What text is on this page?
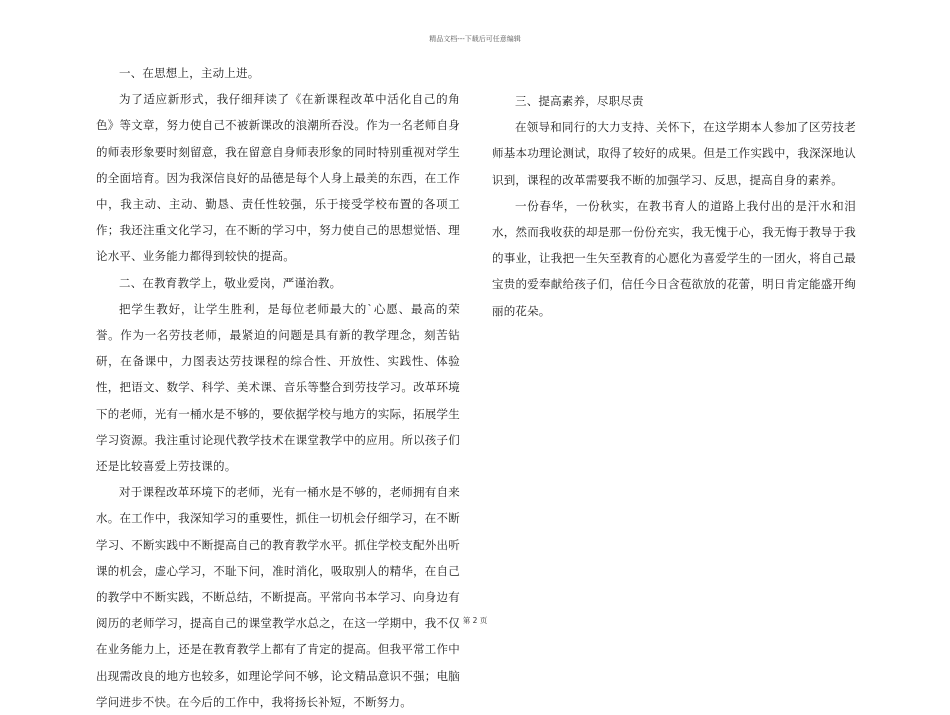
精品文档---下载后可任意编辑

一、在思想上，主动上进。

为了适应新形式，我仔细拜读了《在新课程改革中活化自己的角色》等文章，努力使自己不被新课改的浪潮所吞没。作为一名老师自身的师表形象要时刻留意，我在留意自身师表形象的同时特别重视对学生的全面培育。因为我深信良好的品德是每个人身上最美的东西，在工作中，我主动、主动、勤恳、责任性较强，乐于接受学校布置的各项工作；我还注重文化学习，在不断的学习中，努力使自己的思想觉悟、理论水平、业务能力都得到较快的提高。

二、在教育教学上，敬业爱岗，严谨治教。

把学生教好，让学生胜利，是每位老师最大的`心愿、最高的荣誉。作为一名劳技老师，最紧迫的问题是具有新的教学理念，刻苦钻研，在备课中，力图表达劳技课程的综合性、开放性、实践性、体验性，把语文、数学、科学、美术课、音乐等整合到劳技学习。改革环境下的老师，光有一桶水是不够的，要依据学校与地方的实际，拓展学生学习资源。我注重讨论现代教学技术在课堂教学中的应用。所以孩子们还是比较喜爱上劳技课的。

对于课程改革环境下的老师，光有一桶水是不够的，老师拥有自来水。在工作中，我深知学习的重要性，抓住一切机会仔细学习，在不断学习、不断实践中不断提高自己的教育教学水平。抓住学校支配外出听课的机会，虚心学习，不耻下问，准时消化，吸取别人的精华，在自己的教学中不断实践，不断总结，不断提高。平常向书本学习、向身边有阅历的老师学习，提高自己的课堂教学水总之，在这一学期中，我不仅在业务能力上，还是在教育教学上都有了肯定的提高。但我平常工作中出现需改良的地方也较多，如理论学问不够，论文精品意识不强；电脑学问进步不快。在今后的工作中，我将扬长补短，不断努力。

三、提高素养，尽职尽责

在领导和同行的大力支持、关怀下，在这学期本人参加了区劳技老师基本功理论测试，取得了较好的成果。但是工作实践中，我深深地认识到，课程的改革需要我不断的加强学习、反思，提高自身的素养。

一份春华，一份秋实，在教书育人的道路上我付出的是汗水和泪水，然而我收获的却是那一份份充实，我无愧于心，我无悔于教导于我的事业，让我把一生矢至教育的心愿化为喜爱学生的一团火，将自己最宝贵的爱奉献给孩子们，信任今日含苞欲放的花蕾，明日肯定能盛开绚丽的花朵。

第 2 页
